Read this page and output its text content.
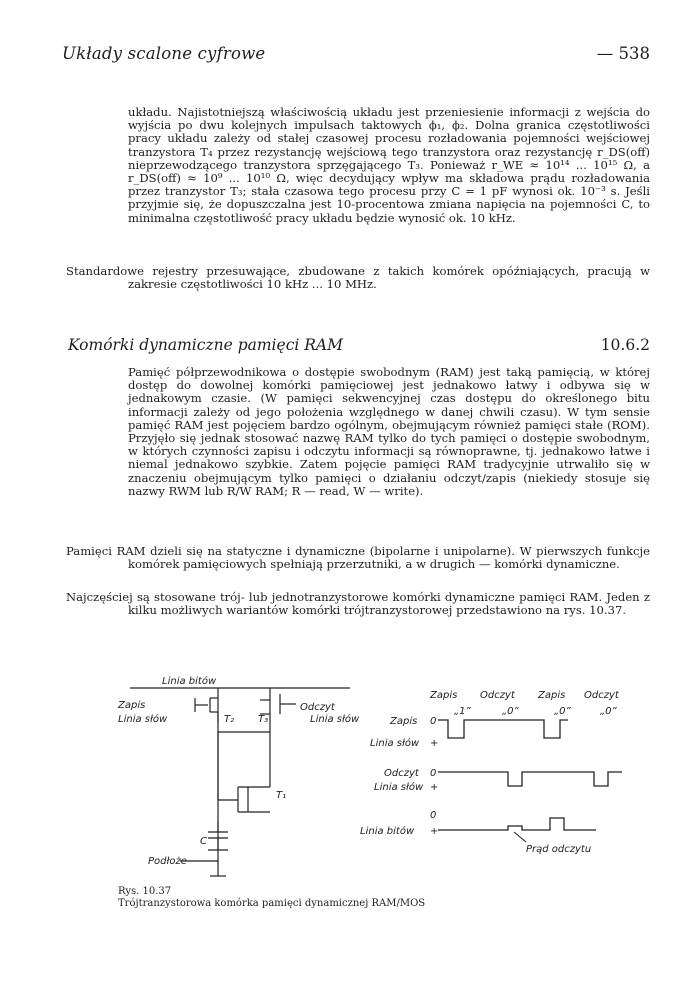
Układy scalone cyfrowe	— 538
układu. Najistotniejszą właściwością układu jest przeniesienie informacji z wejścia do wyjścia po dwu kolejnych impulsach taktowych ϕ₁, ϕ₂. Dolna granica częstotliwości pracy układu zależy od stałej czasowej procesu rozładowania pojemności wejściowej tranzystora T₄ przez rezystancję wejściową tego tranzystora oraz rezystancję r_DS(off) nieprzewodzącego tranzystora sprzęgającego T₃. Ponieważ r_WE ≈ 10¹⁴ ... 10¹⁵ Ω, a r_DS(off) ≈ 10⁹ ... 10¹⁰ Ω, więc decydujący wpływ ma składowa prądu rozładowania przez tranzystor T₃; stała czasowa tego procesu przy C = 1 pF wynosi ok. 10⁻³ s. Jeśli przyjmie się, że dopuszczalna jest 10-procentowa zmiana napięcia na pojemności C, to minimalna częstotliwość pracy układu będzie wynosić ok. 10 kHz.
Standardowe rejestry przesuwające, zbudowane z takich komórek opóźniających, pracują w zakresie częstotliwości 10 kHz ... 10 MHz.
Komórki dynamiczne pamięci RAM	10.6.2
Pamięć półprzewodnikowa o dostępie swobodnym (RAM) jest taką pamięcią, w której dostęp do dowolnej komórki pamięciowej jest jednakowo łatwy i odbywa się w jednakowym czasie. (W pamięci sekwencyjnej czas dostępu do określonego bitu informacji zależy od jego położenia względnego w danej chwili czasu). W tym sensie pamięć RAM jest pojęciem bardzo ogólnym, obejmującym również pamięci stałe (ROM). Przyjęło się jednak stosować nazwę RAM tylko do tych pamięci o dostępie swobodnym, w których czynności zapisu i odczytu informacji są równoprawne, tj. jednakowo łatwe i niemal jednakowo szybkie. Zatem pojęcie pamięci RAM tradycyjnie utrwaliło się w znaczeniu obejmującym tylko pamięci o działaniu odczyt/zapis (niekiedy stosuje się nazwy RWM lub R/W RAM; R — read, W — write).
Pamięci RAM dzieli się na statyczne i dynamiczne (bipolarne i unipolarne). W pierwszych funkcje komórek pamięciowych spełniają przerzutniki, a w drugich — komórki dynamiczne.
Najczęściej są stosowane trój- lub jednotranzystorowe komórki dynamiczne pamięci RAM. Jeden z kilku możliwych wariantów komórki trójtranzystorowej przedstawiono na rys. 10.37.
Linia bitów
Zapis
Linia słów	T₂ T₃
T₁
C
Odczyt
Linia słów
Podłoże
Zapis Odczyt Zapis Odczyt
„1”	„0”	„0”	„0”
Zapis
Linia słów
0
+
Odczyt
Linia słów
0
+
0
Linia bitów +
Prąd odczytu
Rys. 10.37
Trójtranzystorowa komórka pamięci dynamicznej RAM/MOS
